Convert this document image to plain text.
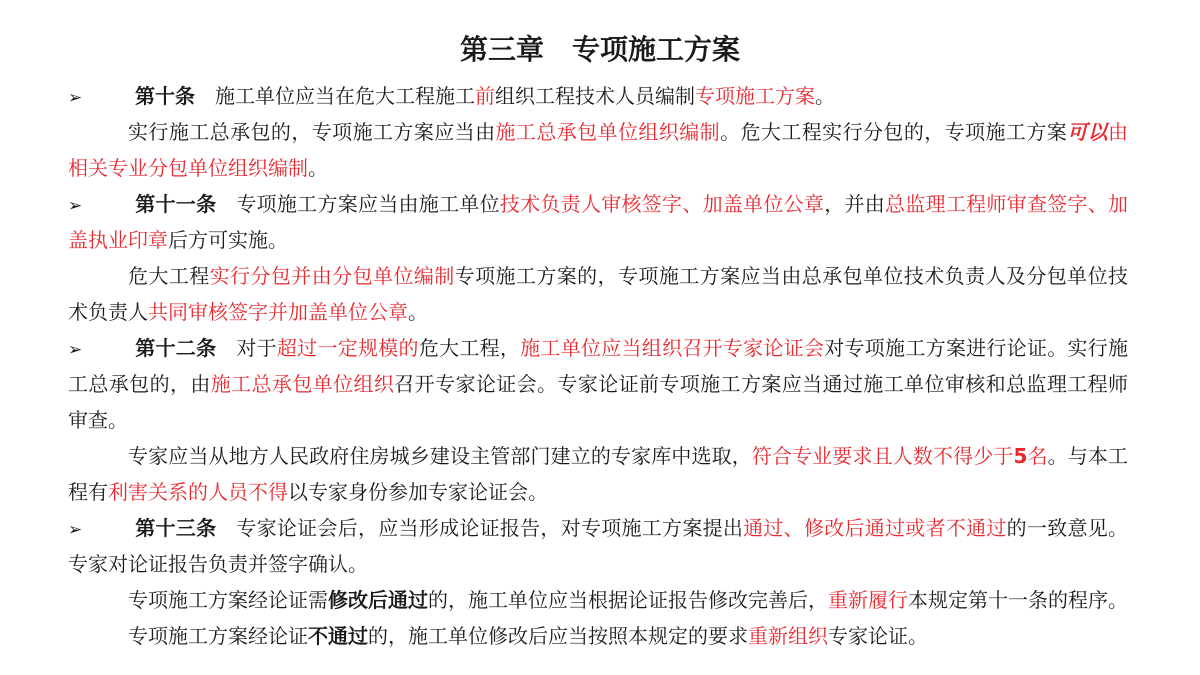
第三章　专项施工方案
➢	第十条 施工单位应当在危大工程施工前组织工程技术人员编制专项施工方案。
实行施工总承包的，专项施工方案应当由施工总承包单位组织编制。危大工程实行分包的，专项施工方案可以由
相关专业分包单位组织编制。
➢	第十一条 专项施工方案应当由施工单位技术负责人审核签字、加盖单位公章，并由总监理工程师审查签字、加
盖执业印章后方可实施。
危大工程实行分包并由分包单位编制专项施工方案的，专项施工方案应当由总承包单位技术负责人及分包单位技
术负责人共同审核签字并加盖单位公章。
➢	第十二条 对于超过一定规模的危大工程，施工单位应当组织召开专家论证会对专项施工方案进行论证。实行施
工总承包的，由施工总承包单位组织召开专家论证会。专家论证前专项施工方案应当通过施工单位审核和总监理工程师
审查。
专家应当从地方人民政府住房城乡建设主管部门建立的专家库中选取，符合专业要求且人数不得少于5名。与本工
程有利害关系的人员不得以专家身份参加专家论证会。
➢	第十三条 专家论证会后，应当形成论证报告，对专项施工方案提出通过、修改后通过或者不通过的一致意见。
专家对论证报告负责并签字确认。
专项施工方案经论证需修改后通过的，施工单位应当根据论证报告修改完善后，重新履行本规定第十一条的程序。
专项施工方案经论证不通过的，施工单位修改后应当按照本规定的要求重新组织专家论证。
